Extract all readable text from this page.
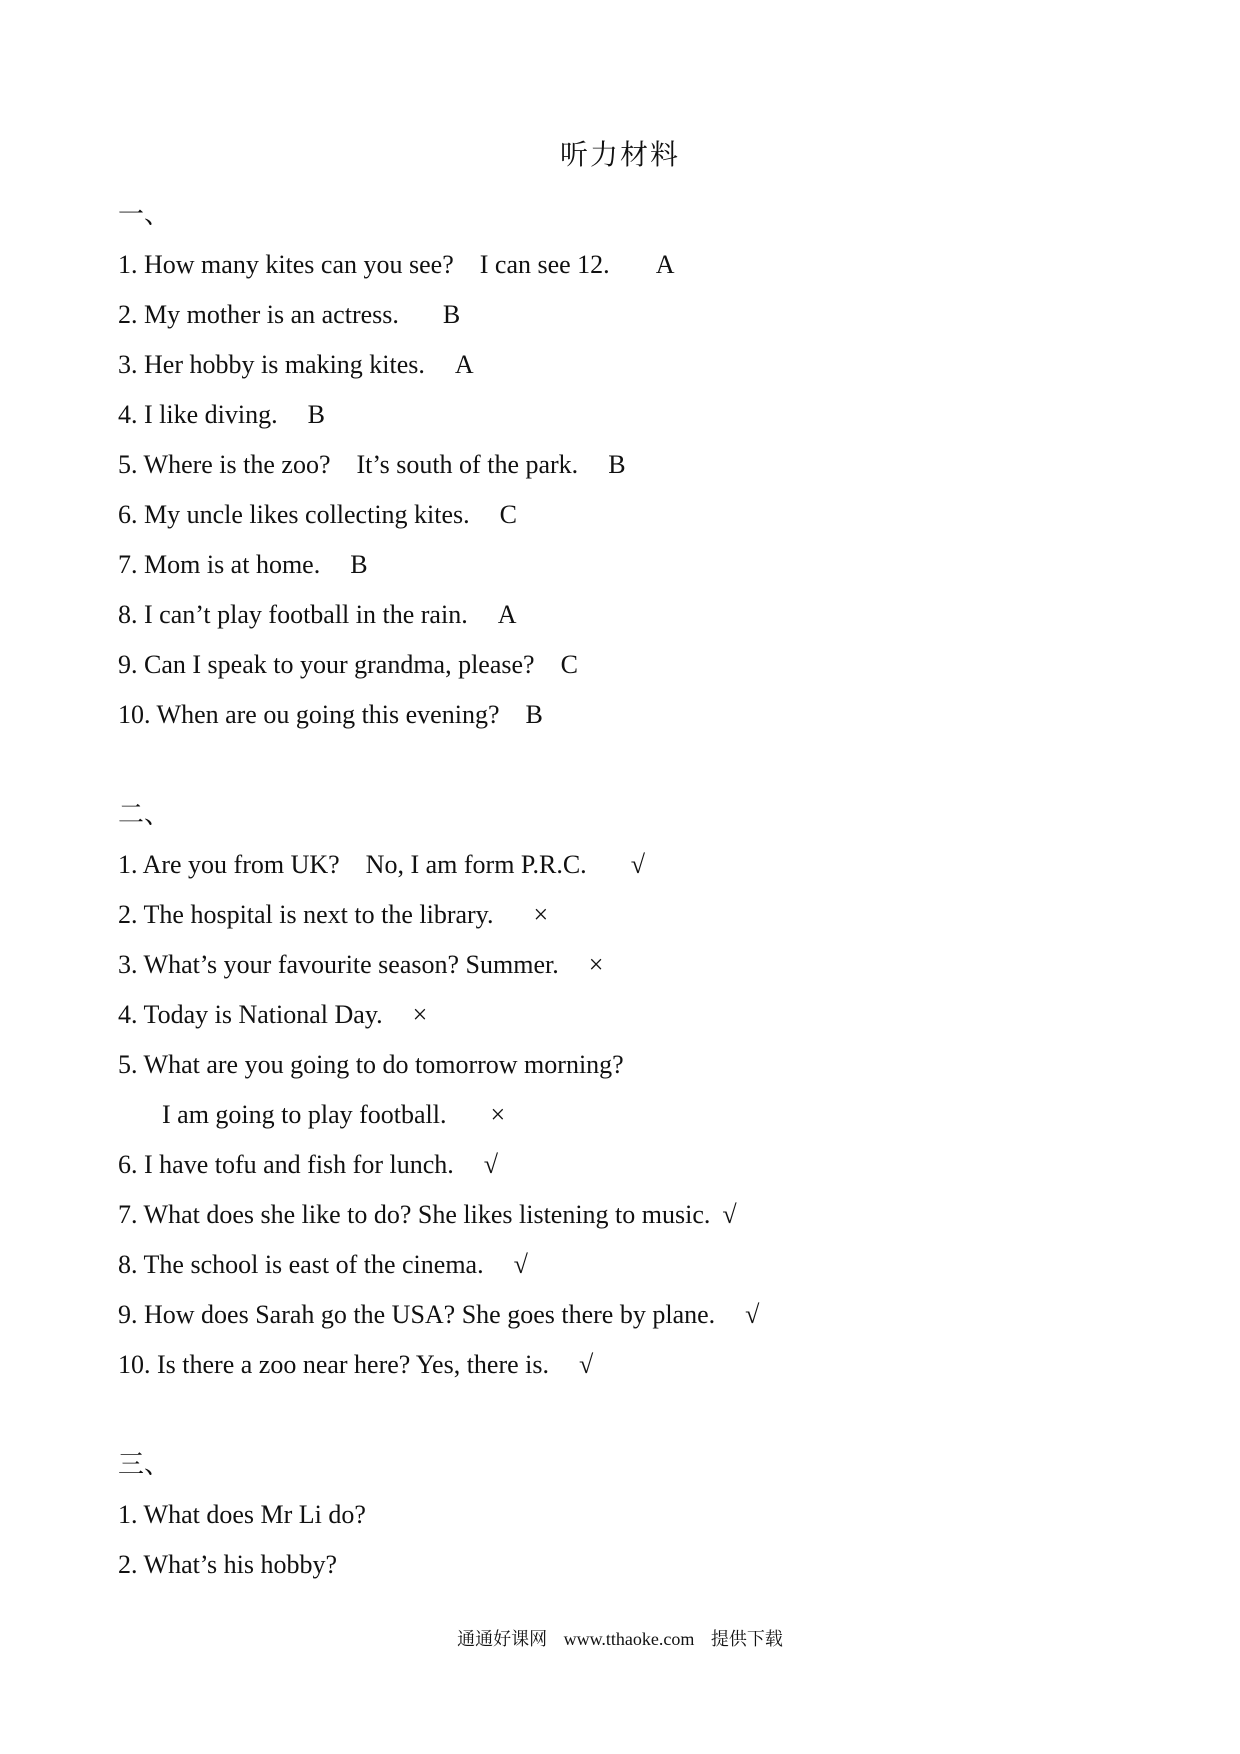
听力材料
一、
1. How many kites can you see?    I can see 12. A
2. My mother is an actress. B
3. Her hobby is making kites. A
4. I like diving. B
5. Where is the zoo?    It’s south of the park. B
6. My uncle likes collecting kites. C
7. Mom is at home. B
8. I can’t play football in the rain. A
9. Can I speak to your grandma, please? C
10. When are ou going this evening? B
二、
1. Are you from UK?    No, I am form P.R.C. √
2. The hospital is next to the library. ×
3. What’s your favourite season? Summer. ×
4. Today is National Day. ×
5. What are you going to do tomorrow morning?
I am going to play football. ×
6. I have tofu and fish for lunch. √
7. What does she like to do? She likes listening to music. √
8. The school is east of the cinema. √
9. How does Sarah go the USA? She goes there by plane. √
10. Is there a zoo near here? Yes, there is. √
三、
1. What does Mr Li do?
2. What’s his hobby?
通通好课网 www.tthaoke.com 提供下载
